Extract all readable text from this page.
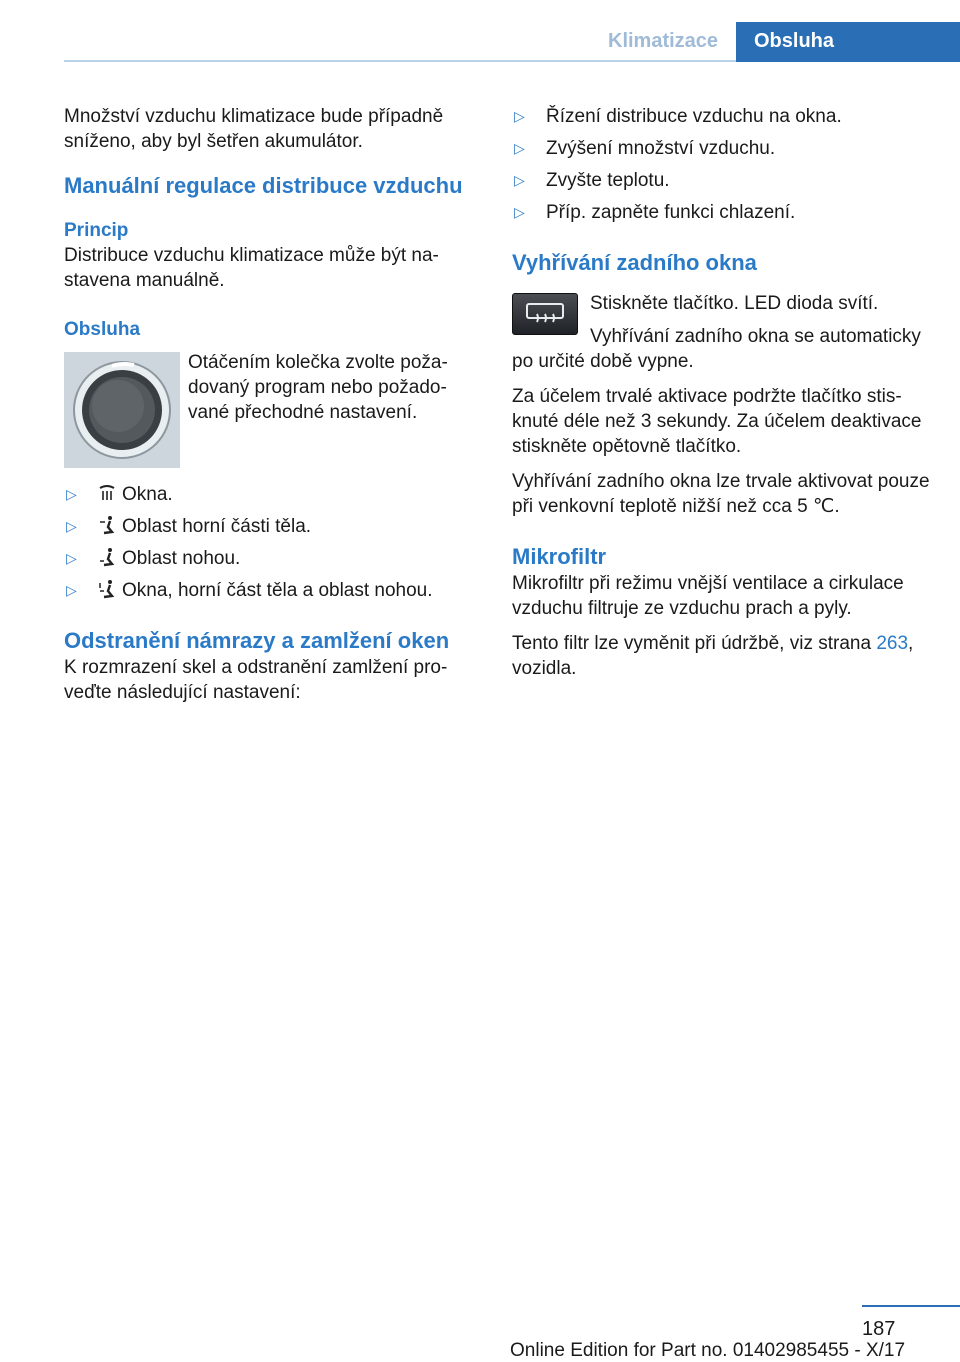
Klimatizace Obsluha

Množství vzduchu klimatizace bude případně sníženo, aby byl šetřen akumulátor.

Manuální regulace distribuce vzduchu
Princip

Distribuce vzduchu klimatizace může být nastavena manuálně.

Obsluha

Otáčením kolečka zvolte požadovaný program nebo požadované přechodné nastavení.

▷ Okna.
▷ Oblast horní části těla.
▷ Oblast nohou.
▷ Okna, horní část těla a oblast nohou.
Odstranění námrazy a zamlžení oken

K rozmrazení skel a odstranění zamlžení proveďte následující nastavení:

▷ Řízení distribuce vzduchu na okna.
▷ Zvýšení množství vzduchu.
▷ Zvyšte teplotu.
▷ Příp. zapněte funkci chlazení.
Vyhřívání zadního okna

Stiskněte tlačítko. LED dioda svítí.

Vyhřívání zadního okna se automaticky po určité době vypne.

Za účelem trvalé aktivace podržte tlačítko stisknuté déle než 3 sekundy. Za účelem deaktivace stiskněte opětovně tlačítko.

Vyhřívání zadního okna lze trvale aktivovat pouze při venkovní teplotě nižší než cca 5 ℃.

Mikrofiltr

Mikrofiltr při režimu vnější ventilace a cirkulace vzduchu filtruje ze vzduchu prach a pyly.

Tento filtr lze vyměnit při údržbě, viz strana 263, vozidla.

187
Online Edition for Part no. 01402985455 - X/17
